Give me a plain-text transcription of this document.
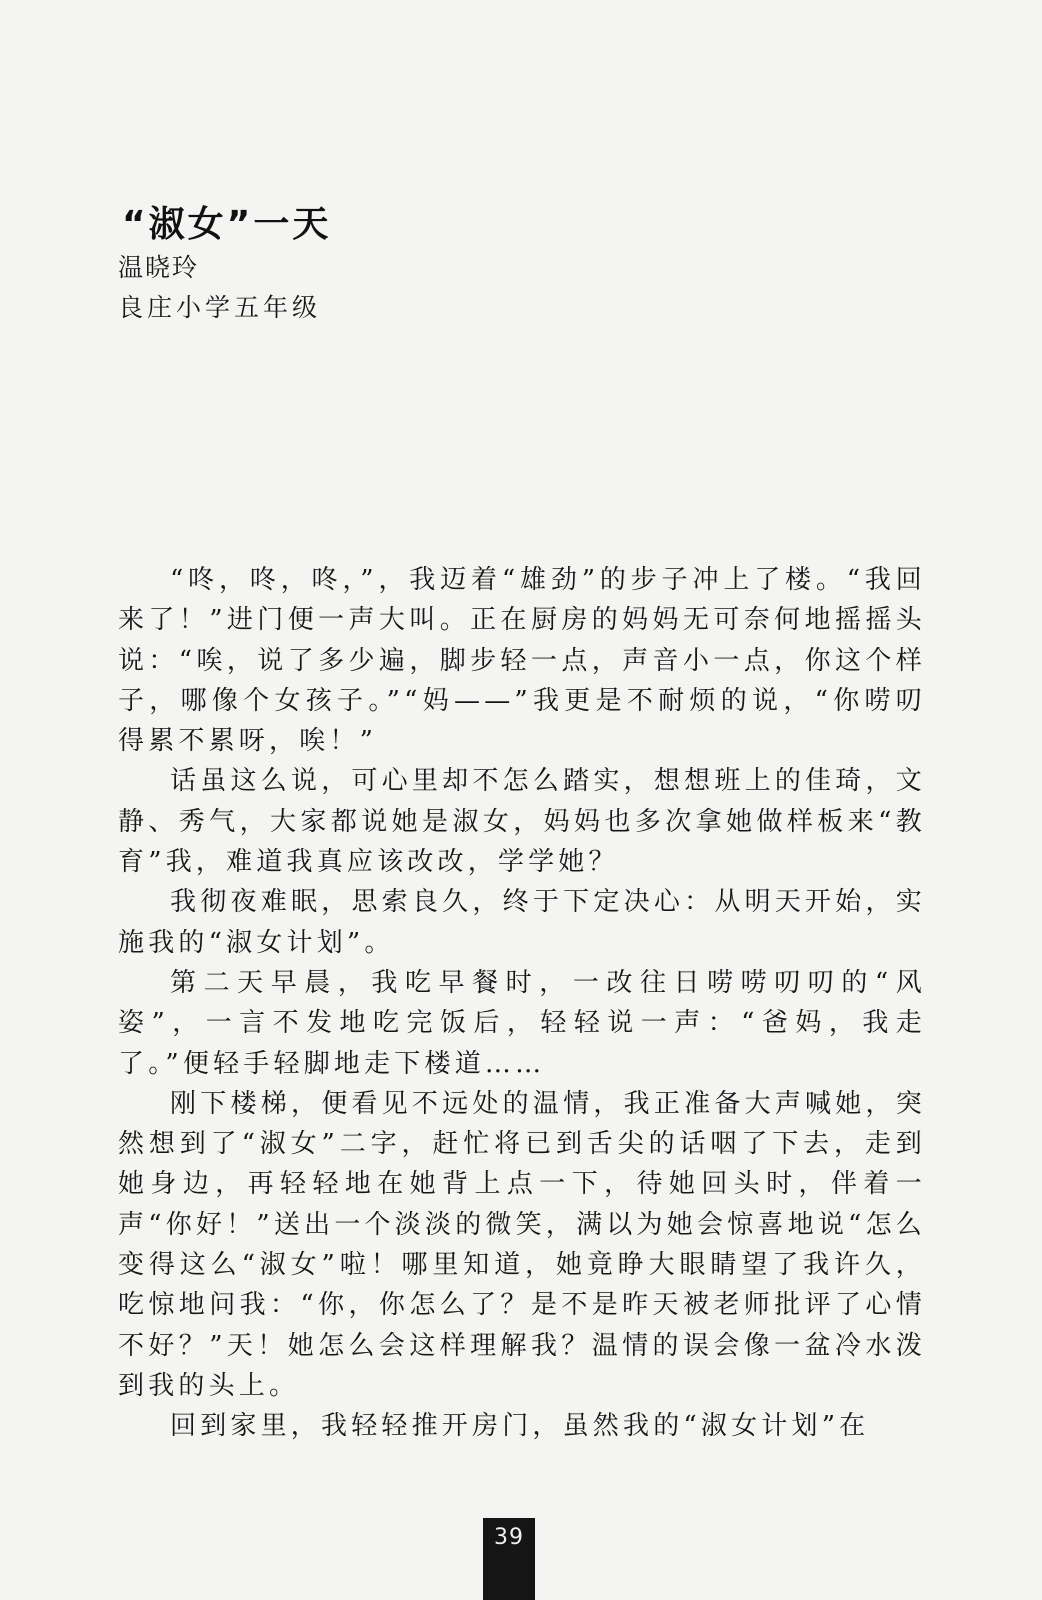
“淑女”一天
温晓玲
良庄小学五年级

“咚，咚，咚，”，我迈着“雄劲”的步子冲上了楼。“我回来了！”进门便一声大叫。正在厨房的妈妈无可奈何地摇摇头说：“唉，说了多少遍，脚步轻一点，声音小一点，你这个样子，哪像个女孩子。”“妈——”我更是不耐烦的说，“你唠叨得累不累呀，唉！”

话虽这么说，可心里却不怎么踏实，想想班上的佳琦，文静、秀气，大家都说她是淑女，妈妈也多次拿她做样板来“教育”我，难道我真应该改改，学学她？

我彻夜难眠，思索良久，终于下定决心：从明天开始，实施我的“淑女计划”。

第二天早晨，我吃早餐时，一改往日唠唠叨叨的“风姿”，一言不发地吃完饭后，轻轻说一声：“爸妈，我走了。”便轻手轻脚地走下楼道……

刚下楼梯，便看见不远处的温情，我正准备大声喊她，突然想到了“淑女”二字，赶忙将已到舌尖的话咽了下去，走到她身边，再轻轻地在她背上点一下，待她回头时，伴着一声“你好！”送出一个淡淡的微笑，满以为她会惊喜地说“怎么变得这么“淑女”啦！哪里知道，她竟睁大眼睛望了我许久，吃惊地问我：“你，你怎么了？是不是昨天被老师批评了心情不好？”天！她怎么会这样理解我？温情的误会像一盆冷水泼到我的头上。

回到家里，我轻轻推开房门，虽然我的“淑女计划”在

39
